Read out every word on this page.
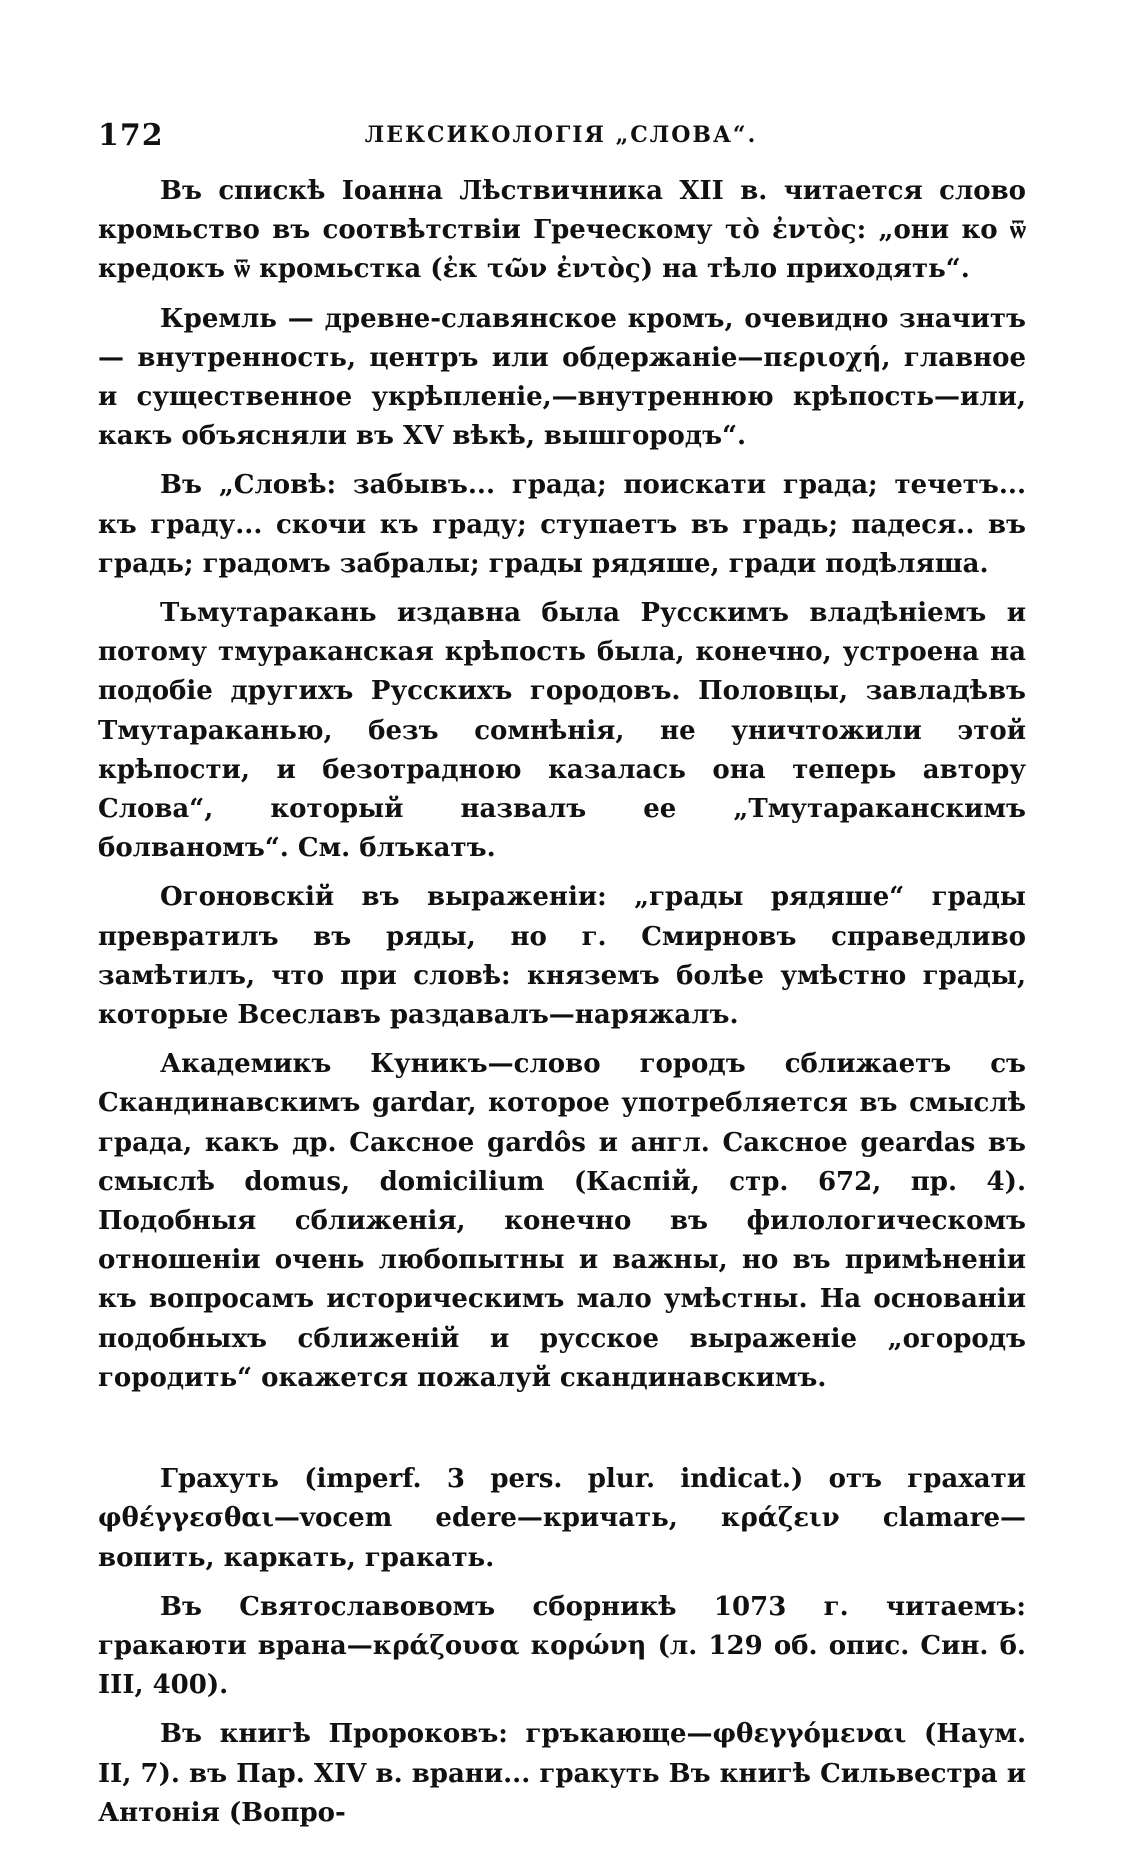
172	ЛЕКСИКОЛОГІЯ „СЛОВА“.

Въ спискѣ Іоанна Лѣствичника XII в. читается слово кромьство въ соотвѣтствіи Греческому τὸ ἐντὸς: „они ко ѿ кредокъ ѿ кромьстка (ἐκ τῶν ἐντὸς) на тѣло приходять“.

Кремль — древне-славянское кромъ, очевидно значитъ — внутренность, центръ или обдержаніе—περιοχή, главное и существенное укрѣпленіе,—внутреннюю крѣпость—или, какъ объясняли въ XV вѣкѣ, вышгородъ“.

Въ „Словѣ: забывъ... града; поискати града; течетъ... къ граду... скочи къ граду; ступаетъ въ градь; падеся.. въ градь; градомъ забралы; грады рядяше, гради подѣляша.

Тьмутаракань издавна была Русскимъ владѣніемъ и потому тмураканская крѣпость была, конечно, устроена на подобіе другихъ Русскихъ городовъ. Половцы, завладѣвъ Тмутараканью, безъ сомнѣнія, не уничтожили этой крѣпости, и безотрадною казалась она теперь автору Слова“, который назвалъ ее „Тмутараканскимъ болваномъ“. См. блъкатъ.

Огоновскій въ выраженіи: „грады рядяше“ грады превратилъ въ ряды, но г. Смирновъ справедливо замѣтилъ, что при словѣ: княземъ болѣе умѣстно грады, которые Всеславъ раздавалъ—наряжалъ.

Академикъ Куникъ—слово городъ сближаетъ съ Скандинавскимъ gardar, которое употребляется въ смыслѣ града, какъ др. Саксное gardôs и англ. Саксное geardas въ смыслѣ domus, domicilium (Каспій, стр. 672, пр. 4). Подобныя сближенія, конечно въ филологическомъ отношеніи очень любопытны и важны, но въ примѣненіи къ вопросамъ историческимъ мало умѣстны. На основаніи подобныхъ сближеній и русское выраженіе „огородъ городить“ окажется пожалуй скандинавскимъ.

Грахуть (imperf. 3 pers. plur. indicat.) отъ грахати φθέγγεσθαι—vocem edere—кричать, κράζειν clamare—вопить, каркать, гракать.

Въ Святославовомъ сборникѣ 1073 г. читаемъ: гракаюти врана—κράζουσα κορώνη (л. 129 об. опис. Син. б. III, 400).

Въ книгѣ Пророковъ: гръкающе—φθεγγόμεναι (Наум. II, 7). въ Пар. XIV в. врани... гракуть Въ книгѣ Сильвестра и Антонія (Вопро-
